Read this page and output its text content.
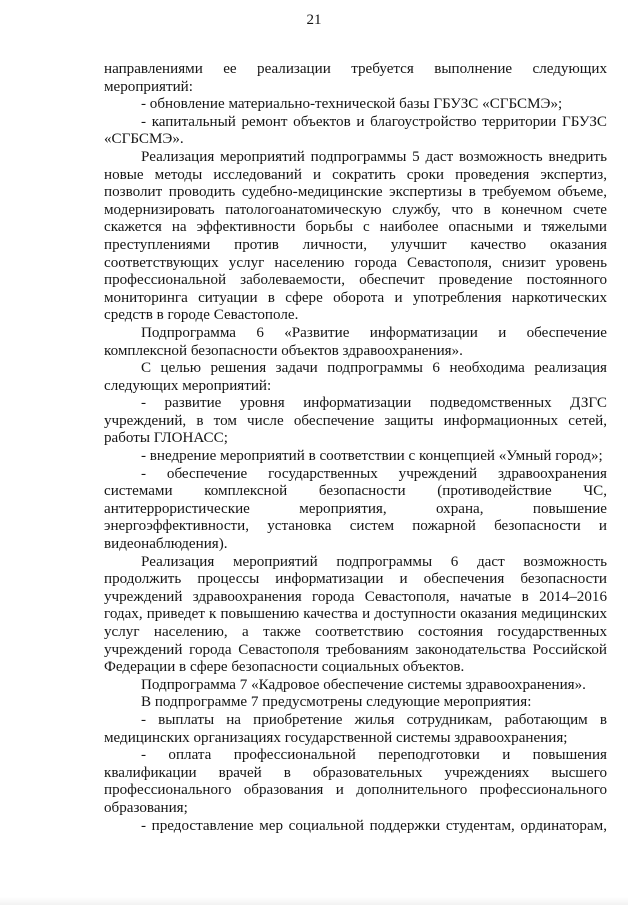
21

направлениями ее реализации требуется выполнение следующих мероприятий:

- обновление материально-технической базы ГБУЗС «СГБСМЭ»;

- капитальный ремонт объектов и благоустройство территории ГБУЗС «СГБСМЭ».

Реализация мероприятий подпрограммы 5 даст возможность внедрить новые методы исследований и сократить сроки проведения экспертиз, позволит проводить судебно-медицинские экспертизы в требуемом объеме, модернизировать патологоанатомическую службу, что в конечном счете скажется на эффективности борьбы с наиболее опасными и тяжелыми преступлениями против личности, улучшит качество оказания соответствующих услуг населению города Севастополя, снизит уровень профессиональной заболеваемости, обеспечит проведение постоянного мониторинга ситуации в сфере оборота и употребления наркотических средств в городе Севастополе.

Подпрограмма 6 «Развитие информатизации и обеспечение комплексной безопасности объектов здравоохранения».

С целью решения задачи подпрограммы 6 необходима реализация следующих мероприятий:

- развитие уровня информатизации подведомственных ДЗГС учреждений, в том числе обеспечение защиты информационных сетей, работы ГЛОНАСС;

- внедрение мероприятий в соответствии с концепцией «Умный город»;

- обеспечение государственных учреждений здравоохранения системами комплексной безопасности (противодействие ЧС, антитеррористические мероприятия, охрана, повышение энергоэффективности, установка систем пожарной безопасности и видеонаблюдения).

Реализация мероприятий подпрограммы 6 даст возможность продолжить процессы информатизации и обеспечения безопасности учреждений здравоохранения города Севастополя, начатые в 2014–2016 годах, приведет к повышению качества и доступности оказания медицинских услуг населению, а также соответствию состояния государственных учреждений города Севастополя требованиям законодательства Российской Федерации в сфере безопасности социальных объектов.

Подпрограмма 7 «Кадровое обеспечение системы здравоохранения».

В подпрограмме 7 предусмотрены следующие мероприятия:

- выплаты на приобретение жилья сотрудникам, работающим в медицинских организациях государственной системы здравоохранения;

- оплата профессиональной переподготовки и повышения квалификации врачей в образовательных учреждениях высшего профессионального образования и дополнительного профессионального образования;

- предоставление мер социальной поддержки студентам, ординаторам,
